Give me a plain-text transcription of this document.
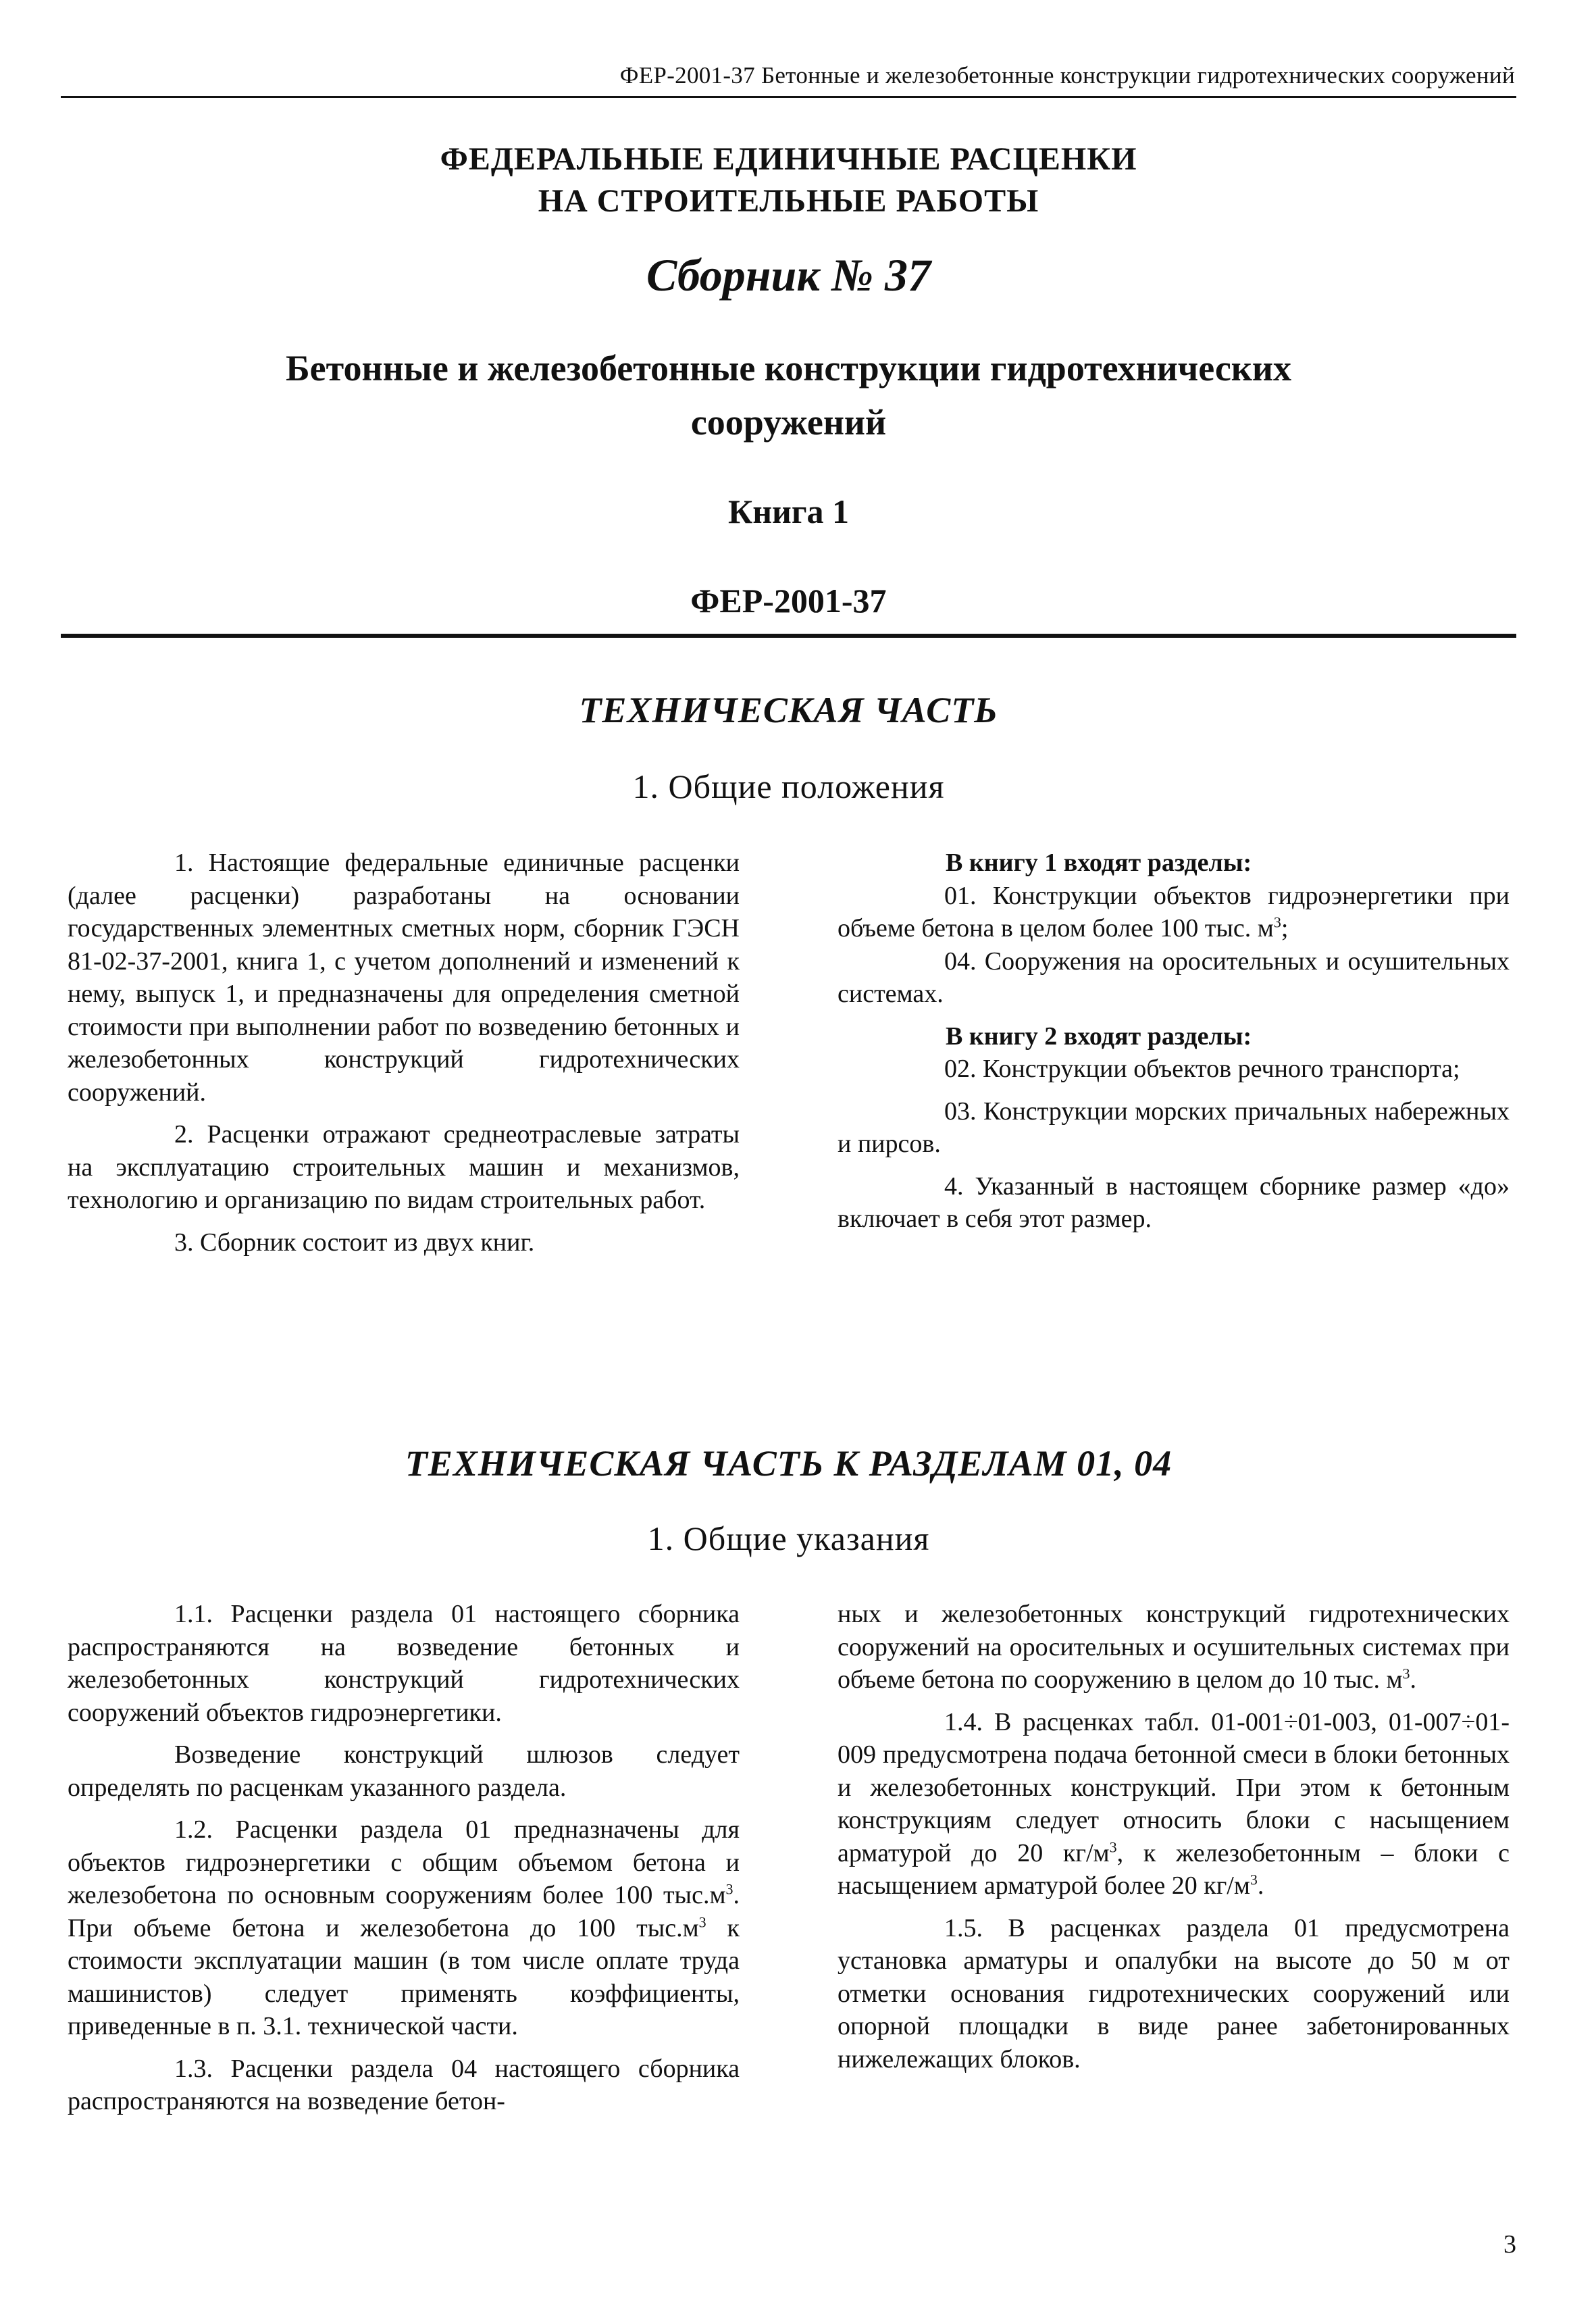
ФЕР-2001-37 Бетонные и железобетонные конструкции гидротехнических сооружений
ФЕДЕРАЛЬНЫЕ ЕДИНИЧНЫЕ РАСЦЕНКИ
НА СТРОИТЕЛЬНЫЕ РАБОТЫ
Сборник № 37
Бетонные и железобетонные конструкции гидротехнических
сооружений
Книга 1
ФЕР-2001-37
ТЕХНИЧЕСКАЯ ЧАСТЬ
1. Общие положения

1. Настоящие федеральные единичные расценки (далее расценки) разработаны на основании государственных элементных сметных норм, сборник ГЭСН 81-02-37-2001, книга 1, с учетом дополнений и изменений к нему, выпуск 1, и предназначены для определения сметной стоимости при выполнении работ по возведению бетонных и железобетонных конструкций гидротехнических сооружений.

2. Расценки отражают среднеотраслевые затраты на эксплуатацию строительных машин и механизмов, технологию и организацию по видам строительных работ.

3. Сборник состоит из двух книг.

В книгу 1 входят разделы:

01. Конструкции объектов гидроэнергетики при объеме бетона в целом более 100 тыс. $м^3$;

04. Сооружения на оросительных и осушительных системах.

В книгу 2 входят разделы:

02. Конструкции объектов речного транспорта;

03. Конструкции морских причальных набережных и пирсов.

4. Указанный в настоящем сборнике размер «до» включает в себя этот размер.

ТЕХНИЧЕСКАЯ ЧАСТЬ К РАЗДЕЛАМ 01, 04
1. Общие указания

1.1. Расценки раздела 01 настоящего сборника распространяются на возведение бетонных и железобетонных конструкций гидротехнических сооружений объектов гидроэнергетики.

Возведение конструкций шлюзов следует определять по расценкам указанного раздела.

1.2. Расценки раздела 01 предназначены для объектов гидроэнергетики с общим объемом бетона и железобетона по основным сооружениям более 100 $тыс.м^3$. При объеме бетона и железобетона до 100 $тыс.м^3$ к стоимости эксплуатации машин (в том числе оплате труда машинистов) следует применять коэффициенты, приведенные в п. 3.1. технической части.

1.3. Расценки раздела 04 настоящего сборника распространяются на возведение бетон-

ных и железобетонных конструкций гидротехнических сооружений на оросительных и осушительных системах при объеме бетона по сооружению в целом до 10 тыс. $м^3$.

1.4. В расценках табл. 01-001÷01-003, 01-007÷01-009 предусмотрена подача бетонной смеси в блоки бетонных и железобетонных конструкций. При этом к бетонным конструкциям следует относить блоки с насыщением арматурой до 20 $кг/м^3$, к железобетонным – блоки с насыщением арматурой более 20 $кг/м^3$.

1.5. В расценках раздела 01 предусмотрена установка арматуры и опалубки на высоте до 50 м от отметки основания гидротехнических сооружений или опорной площадки в виде ранее забетонированных нижележащих блоков.

3
